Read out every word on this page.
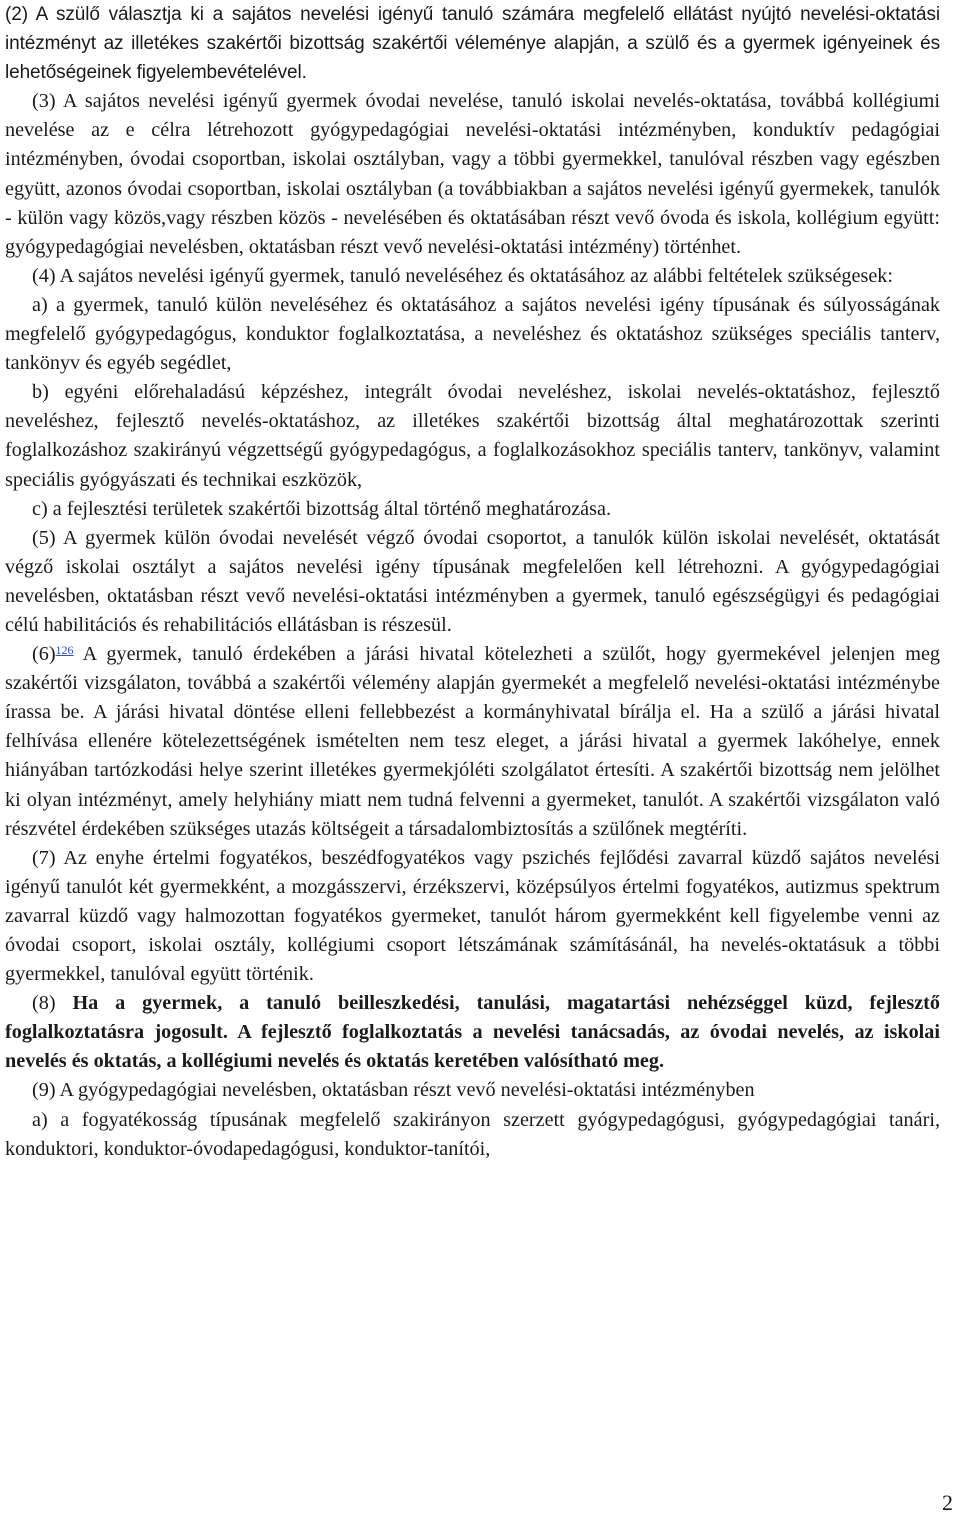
(2) A szülő választja ki a sajátos nevelési igényű tanuló számára megfelelő ellátást nyújtó nevelési-oktatási intézményt az illetékes szakértői bizottság szakértői véleménye alapján, a szülő és a gyermek igényeinek és lehetőségeinek figyelembevételével.

(3) A sajátos nevelési igényű gyermek óvodai nevelése, tanuló iskolai nevelés-oktatása, továbbá kollégiumi nevelése az e célra létrehozott gyógypedagógiai nevelési-oktatási intézményben, konduktív pedagógiai intézményben, óvodai csoportban, iskolai osztályban, vagy a többi gyermekkel, tanulóval részben vagy egészben együtt, azonos óvodai csoportban, iskolai osztályban (a továbbiakban a sajátos nevelési igényű gyermekek, tanulók - külön vagy közös,vagy részben közös - nevelésében és oktatásában részt vevő óvoda és iskola, kollégium együtt: gyógypedagógiai nevelésben, oktatásban részt vevő nevelési-oktatási intézmény) történhet.

(4) A sajátos nevelési igényű gyermek, tanuló neveléséhez és oktatásához az alábbi feltételek szükségesek:

a) a gyermek, tanuló külön neveléséhez és oktatásához a sajátos nevelési igény típusának és súlyosságának megfelelő gyógypedagógus, konduktor foglalkoztatása, a neveléshez és oktatáshoz szükséges speciális tanterv, tankönyv és egyéb segédlet,

b) egyéni előrehaladású képzéshez, integrált óvodai neveléshez, iskolai nevelés-oktatáshoz, fejlesztő neveléshez, fejlesztő nevelés-oktatáshoz, az illetékes szakértői bizottság által meghatározottak szerinti foglalkozáshoz szakirányú végzettségű gyógypedagógus, a foglalkozásokhoz speciális tanterv, tankönyv, valamint speciális gyógyászati és technikai eszközök,

c) a fejlesztési területek szakértői bizottság által történő meghatározása.

(5) A gyermek külön óvodai nevelését végző óvodai csoportot, a tanulók külön iskolai nevelését, oktatását végző iskolai osztályt a sajátos nevelési igény típusának megfelelően kell létrehozni. A gyógypedagógiai nevelésben, oktatásban részt vevő nevelési-oktatási intézményben a gyermek, tanuló egészségügyi és pedagógiai célú habilitációs és rehabilitációs ellátásban is részesül.

(6)$^{126}$ A gyermek, tanuló érdekében a járási hivatal kötelezheti a szülőt, hogy gyermekével jelenjen meg szakértői vizsgálaton, továbbá a szakértői vélemény alapján gyermekét a megfelelő nevelési-oktatási intézménybe írassa be. A járási hivatal döntése elleni fellebbezést a kormányhivatal bírálja el. Ha a szülő a járási hivatal felhívása ellenére kötelezettségének ismételten nem tesz eleget, a járási hivatal a gyermek lakóhelye, ennek hiányában tartózkodási helye szerint illetékes gyermekjóléti szolgálatot értesíti. A szakértői bizottság nem jelölhet ki olyan intézményt, amely helyhiány miatt nem tudná felvenni a gyermeket, tanulót. A szakértői vizsgálaton való részvétel érdekében szükséges utazás költségeit a társadalombiztosítás a szülőnek megtéríti.

(7) Az enyhe értelmi fogyatékos, beszédfogyatékos vagy pszichés fejlődési zavarral küzdő sajátos nevelési igényű tanulót két gyermekként, a mozgásszervi, érzékszervi, középsúlyos értelmi fogyatékos, autizmus spektrum zavarral küzdő vagy halmozottan fogyatékos gyermeket, tanulót három gyermekként kell figyelembe venni az óvodai csoport, iskolai osztály, kollégiumi csoport létszámának számításánál, ha nevelés-oktatásuk a többi gyermekkel, tanulóval együtt történik.

(8) Ha a gyermek, a tanuló beilleszkedési, tanulási, magatartási nehézséggel küzd, fejlesztő foglalkoztatásra jogosult. A fejlesztő foglalkoztatás a nevelési tanácsadás, az óvodai nevelés, az iskolai nevelés és oktatás, a kollégiumi nevelés és oktatás keretében valósítható meg.

(9) A gyógypedagógiai nevelésben, oktatásban részt vevő nevelési-oktatási intézményben

a) a fogyatékosság típusának megfelelő szakirányon szerzett gyógypedagógusi, gyógypedagógiai tanári, konduktori, konduktor-óvodapedagógusi, konduktor-tanítói,

2
